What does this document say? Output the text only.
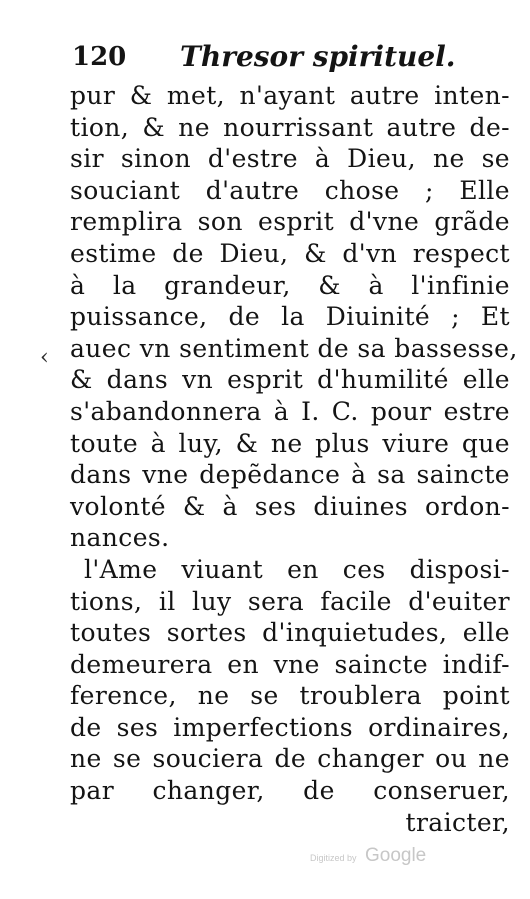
120 Thresor spirituel.
‹
pur & met, n'ayant autre inten-
tion, & ne nourrissant autre de-
sir sinon d'estre à Dieu, ne se
souciant d'autre chose ; Elle
remplira son esprit d'vne grãde
estime de Dieu, & d'vn respect
à la grandeur, & à l'infinie
puissance, de la Diuinité ; Et
auec vn sentiment de sa bassesse,
& dans vn esprit d'humilité elle
s'abandonnera à I. C. pour estre
toute à luy, & ne plus viure que
dans vne depẽdance à sa saincte
volonté & à ses diuines ordon-
nances.
l'Ame viuant en ces disposi-
tions, il luy sera facile d'euiter
toutes sortes d'inquietudes, elle
demeurera en vne saincte indif-
ference, ne se troublera point
de ses imperfections ordinaires,
ne se souciera de changer ou ne
par changer, de conseruer,
traicter,
Digitized by Google
